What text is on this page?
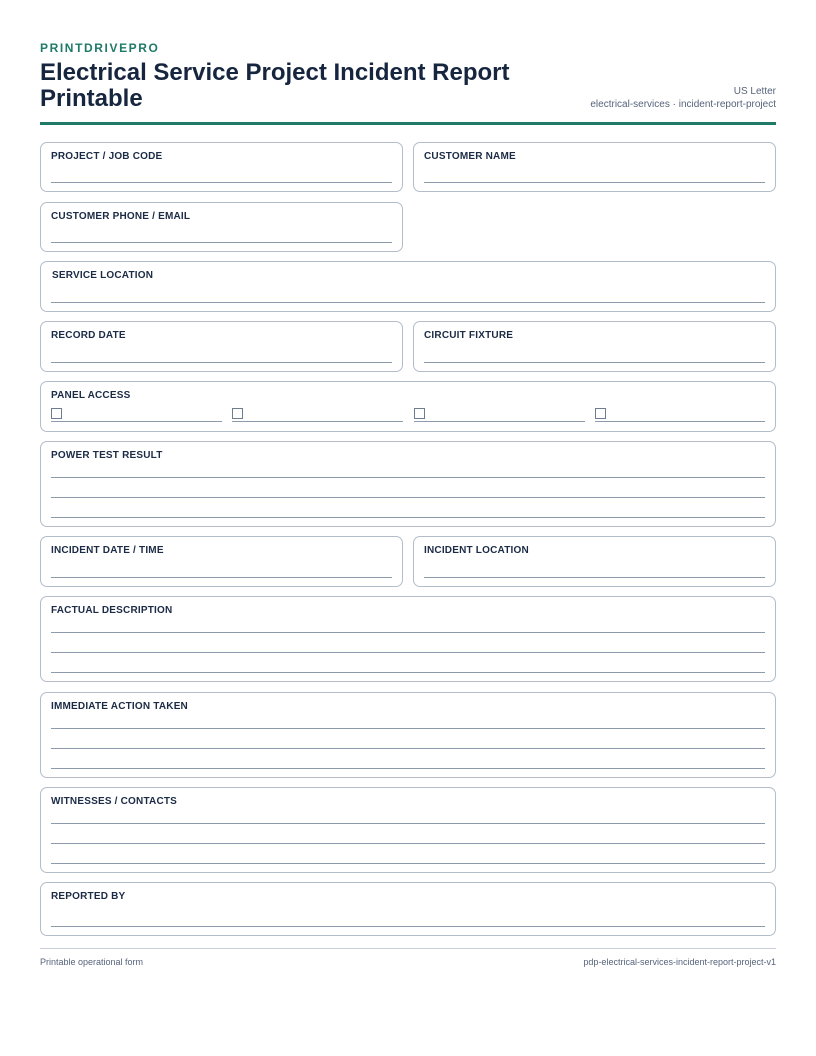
PRINTDRIVEPRO
Electrical Service Project Incident Report Printable	US Letter
electrical-services · incident-report-project
PROJECT / JOB CODE	CUSTOMER NAME
CUSTOMER PHONE / EMAIL
SERVICE LOCATION
RECORD DATE	CIRCUIT FIXTURE
PANEL ACCESS
POWER TEST RESULT
INCIDENT DATE / TIME	INCIDENT LOCATION
FACTUAL DESCRIPTION
IMMEDIATE ACTION TAKEN
WITNESSES / CONTACTS
REPORTED BY
Printable operational form	pdp-electrical-services-incident-report-project-v1
